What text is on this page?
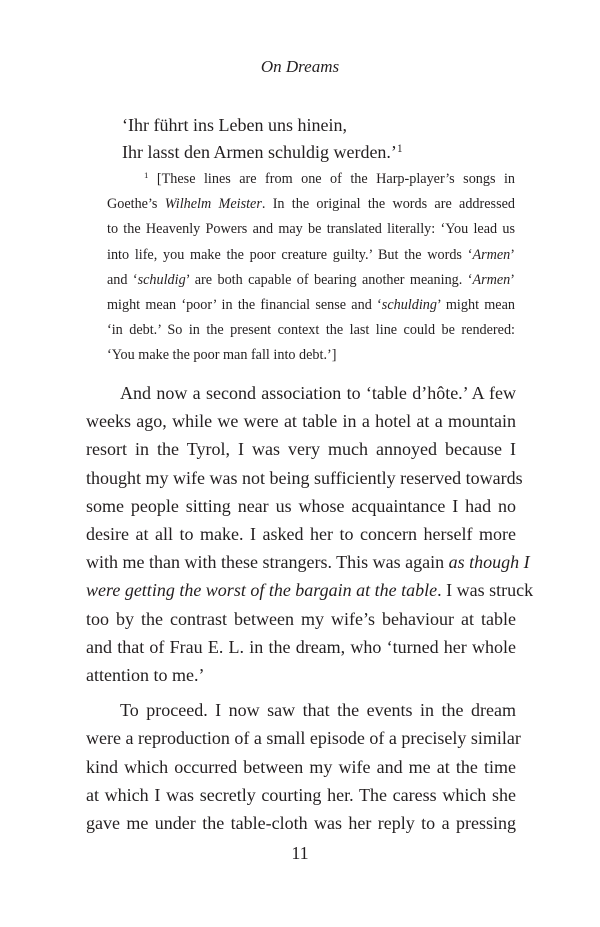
On Dreams
‘Ihr führt ins Leben uns hinein,
Ihr lasst den Armen schuldig werden.’$^1$
$^1$ [These lines are from one of the Harp-player’s songs in
Goethe’s Wilhelm Meister. In the original the words are addressed
to the Heavenly Powers and may be translated literally: ‘You lead us
into life, you make the poor creature guilty.’ But the words ‘Armen’
and ‘schuldig’ are both capable of bearing another meaning. ‘Armen’
might mean ‘poor’ in the financial sense and ‘schulding’ might mean
‘in debt.’ So in the present context the last line could be rendered:
‘You make the poor man fall into debt.’]
And now a second association to ‘table d’hôte.’ A few
weeks ago, while we were at table in a hotel at a mountain
resort in the Tyrol, I was very much annoyed because I
thought my wife was not being sufficiently reserved towards
some people sitting near us whose acquaintance I had no
desire at all to make. I asked her to concern herself more
with me than with these strangers. This was again as though I
were getting the worst of the bargain at the table. I was struck
too by the contrast between my wife’s behaviour at table
and that of Frau E. L. in the dream, who ‘turned her whole
attention to me.’
To proceed. I now saw that the events in the dream
were a reproduction of a small episode of a precisely similar
kind which occurred between my wife and me at the time
at which I was secretly courting her. The caress which she
gave me under the table-cloth was her reply to a pressing
11
